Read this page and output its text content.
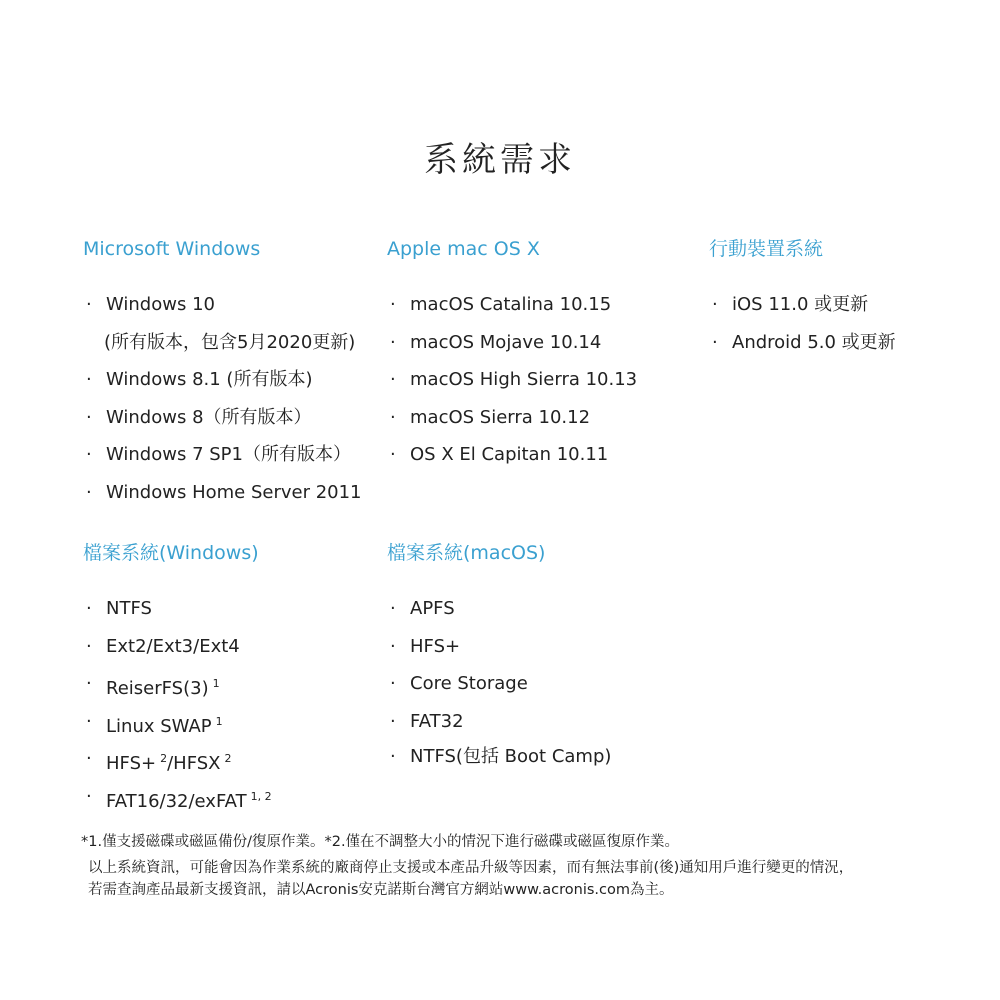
系統需求
Microsoft Windows
· Windows 10
(所有版本，包含5月2020更新)
· Windows 8.1 (所有版本)
· Windows 8（所有版本）
· Windows 7 SP1（所有版本）
· Windows Home Server 2011
Apple mac OS X
· macOS Catalina 10.15
· macOS Mojave 10.14
· macOS High Sierra 10.13
· macOS Sierra 10.12
· OS X El Capitan 10.11
行動裝置系統
· iOS 11.0 或更新
· Android 5.0 或更新
檔案系統(Windows)
· NTFS
· Ext2/Ext3/Ext4
· ReiserFS(3) $^1$
· Linux SWAP $^1$
· HFS+ $^2$/HFSX $^2$
· FAT16/32/exFAT $^{1, 2}$
檔案系統(macOS)
· APFS
· HFS+
· Core Storage
· FAT32
· NTFS(包括 Boot Camp)
*1.僅支援磁碟或磁區備份/復原作業。*2.僅在不調整大小的情況下進行磁碟或磁區復原作業。
以上系統資訊，可能會因為作業系統的廠商停止支援或本產品升級等因素，而有無法事前(後)通知用戶進行變更的情況，
若需查詢產品最新支援資訊，請以Acronis安克諾斯台灣官方網站www.acronis.com為主。
